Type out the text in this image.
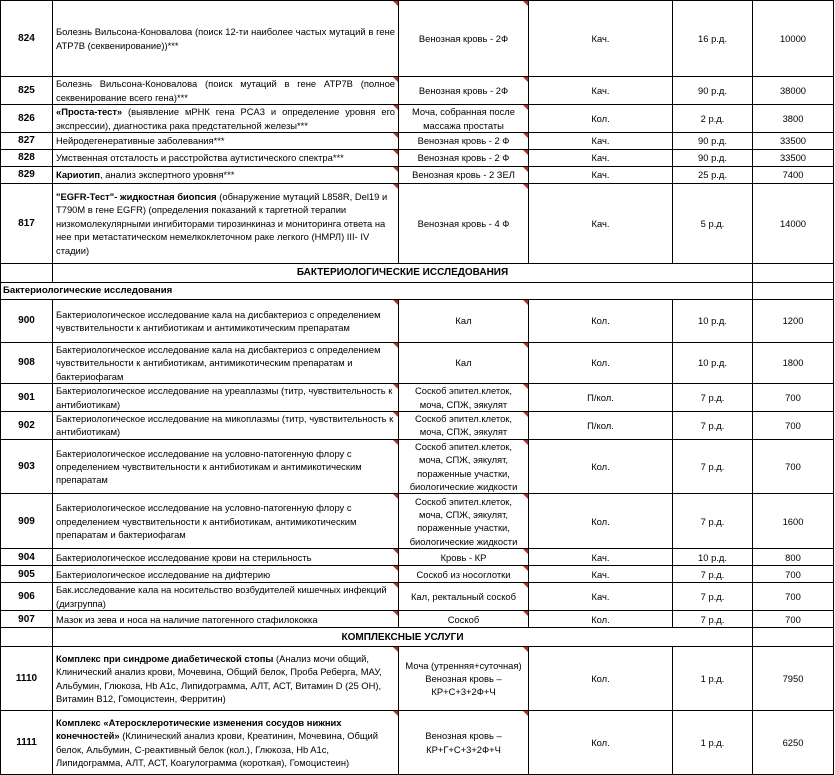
824	Болезнь Вильсона-Коновалова (поиск 12-ти наиболее частых мутаций в гене ATP7B (секвенирование))***	Венозная кровь - 2Ф	Кач.	16 р.д.	10000
825	Болезнь Вильсона-Коновалова (поиск мутаций в гене ATP7B (полное секвенирование всего гена)***	Венозная кровь - 2Ф	Кач.	90 р.д.	38000
826	«Проста-тест» (выявление мРНК гена PCA3 и определение уровня его экспрессии), диагностика рака предстательной железы***	Моча, собранная после массажа простаты	Кол.	2 р.д.	3800
827	Нейродегенеративные заболевания***	Венозная кровь - 2 Ф	Кач.	90 р.д.	33500
828	Умственная отсталость и расстройства аутистического спектра***	Венозная кровь - 2 Ф	Кач.	90 р.д.	33500
829	Кариотип, анализ экспертного уровня***	Венозная кровь - 2 ЗЕЛ	Кач.	25 р.д.	7400
817	"EGFR-Тест"- жидкостная биопсия (обнаружение мутаций L858R, Del19 и T790M в гене EGFR) (определения показаний к таргетной терапии низкомолекулярными ингибиторами тирозинкиназ и мониторинга ответа на нее при метастатическом немелкоклеточном раке легкого (НМРЛ) III- IV стадии)	Венозная кровь - 4 Ф	Кач.	5 р.д.	14000
	БАКТЕРИОЛОГИЧЕСКИЕ ИССЛЕДОВАНИЯ				
Бактериологические исследования					
900	Бактериологическое исследование кала на дисбактериоз с определением чувствительности к антибиотикам и антимикотическим препаратам	Кал	Кол.	10 р.д.	1200
908	Бактериологическое исследование кала на дисбактериоз с определением чувствительности к антибиотикам, антимикотическим препаратам и бактериофагам	Кал	Кол.	10 р.д.	1800
901	Бактериологическое исследование на уреаплазмы (титр, чувствительность к антибиотикам)	Соскоб эпител.клеток, моча, СПЖ, эякулят	П/кол.	7 р.д.	700
902	Бактериологическое исследование на микоплазмы (титр, чувствительность к антибиотикам)	Соскоб эпител.клеток, моча, СПЖ, эякулят	П/кол.	7 р.д.	700
903	Бактериологическое исследование на условно-патогенную флору с определением чувствительности к антибиотикам и антимикотическим препаратам	Соскоб эпител.клеток, моча, СПЖ, эякулят, пораженные участки, биологические жидкости	Кол.	7 р.д.	700
909	Бактериологическое исследование на условно-патогенную флору с определением чувствительности к антибиотикам, антимикотическим препаратам и бактериофагам	Соскоб эпител.клеток, моча, СПЖ, эякулят, пораженные участки, биологические жидкости	Кол.	7 р.д.	1600
904	Бактериологическое исследование крови на стерильность	Кровь - КР	Кач.	10 р.д.	800
905	Бактериологическое исследование на дифтерию	Соскоб из носоглотки	Кач.	7 р.д.	700
906	Бак.исследование кала на носительство возбудителей кишечных инфекций (дизгруппа)	Кал, ректальный соскоб	Кач.	7 р.д.	700
907	Мазок из зева и носа на наличие патогенного стафилококка	Соскоб	Кол.	7 р.д.	700
	КОМПЛЕКСНЫЕ УСЛУГИ				
1110	Комплекс при синдроме диабетической стопы (Анализ мочи общий, Клинический анализ крови, Мочевина, Общий белок, Проба Реберга, МАУ, Альбумин, Глюкоза, Hb A1c, Липидограмма, АЛТ, АСТ, Витамин D (25 OH), Витамин B12, Гомоцистеин, Ферритин)	Моча (утренняя+суточная) Венозная кровь – КР+С+3+2Ф+Ч	Кол.	1 р.д.	7950
1111	Комплекс «Атеросклеротические изменения сосудов нижних конечностей» (Клинический анализ крови, Креатинин, Мочевина, Общий белок, Альбумин, С-реактивный белок (кол.), Глюкоза, Hb A1c, Липидограмма, АЛТ, АСТ, Коагулограмма (короткая), Гомоцистеин)	Венозная кровь – КР+Г+С+3+2Ф+Ч	Кол.	1 р.д.	6250
